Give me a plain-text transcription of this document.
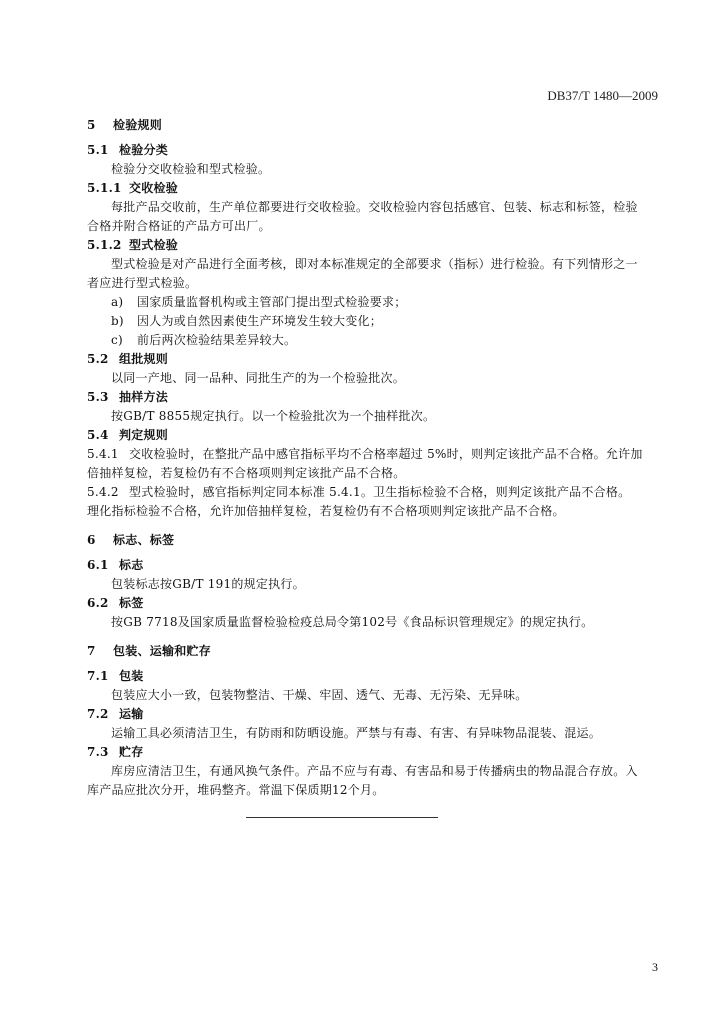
DB37/T 1480—2009
5 检验规则
5.1 检验分类
检验分交收检验和型式检验。
5.1.1 交收检验
每批产品交收前，生产单位都要进行交收检验。交收检验内容包括感官、包装、标志和标签，检验
合格并附合格证的产品方可出厂。
5.1.2 型式检验
型式检验是对产品进行全面考核，即对本标准规定的全部要求（指标）进行检验。有下列情形之一
者应进行型式检验。
a) 国家质量监督机构或主管部门提出型式检验要求；
b) 因人为或自然因素使生产环境发生较大变化；
c) 前后两次检验结果差异较大。
5.2 组批规则
以同一产地、同一品种、同批生产的为一个检验批次。
5.3 抽样方法
按GB/T 8855规定执行。以一个检验批次为一个抽样批次。
5.4 判定规则
5.4.1 交收检验时，在整批产品中感官指标平均不合格率超过 5%时，则判定该批产品不合格。允许加
倍抽样复检，若复检仍有不合格项则判定该批产品不合格。
5.4.2 型式检验时，感官指标判定同本标准 5.4.1。卫生指标检验不合格，则判定该批产品不合格。
理化指标检验不合格，允许加倍抽样复检，若复检仍有不合格项则判定该批产品不合格。
6 标志、标签
6.1 标志
包装标志按GB/T 191的规定执行。
6.2 标签
按GB 7718及国家质量监督检验检疫总局令第102号《食品标识管理规定》的规定执行。
7 包装、运输和贮存
7.1 包装
包装应大小一致，包装物整洁、干燥、牢固、透气、无毒、无污染、无异味。
7.2 运输
运输工具必须清洁卫生，有防雨和防晒设施。严禁与有毒、有害、有异味物品混装、混运。
7.3 贮存
库房应清洁卫生，有通风换气条件。产品不应与有毒、有害品和易于传播病虫的物品混合存放。入
库产品应批次分开，堆码整齐。常温下保质期12个月。
3
